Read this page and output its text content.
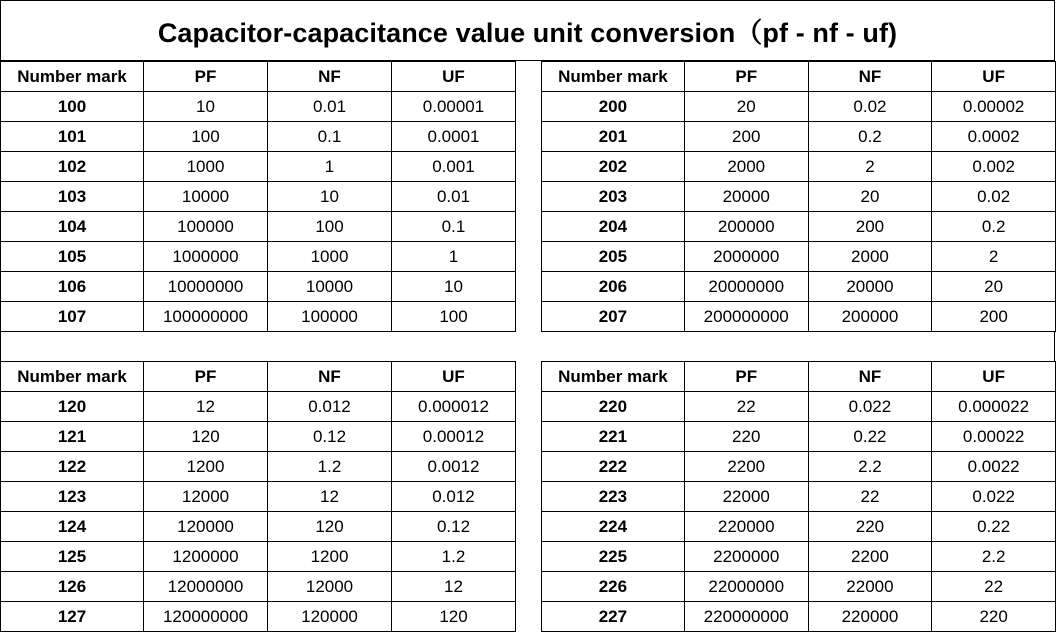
Capacitor-capacitance value unit conversion（pf - nf - uf)
Number mark	PF	NF	UF
100	10	0.01	0.00001
101	100	0.1	0.0001
102	1000	1	0.001
103	10000	10	0.01
104	100000	100	0.1
105	1000000	1000	1
106	10000000	10000	10
107	100000000	100000	100
Number mark	PF	NF	UF
200	20	0.02	0.00002
201	200	0.2	0.0002
202	2000	2	0.002
203	20000	20	0.02
204	200000	200	0.2
205	2000000	2000	2
206	20000000	20000	20
207	200000000	200000	200
Number mark	PF	NF	UF
120	12	0.012	0.000012
121	120	0.12	0.00012
122	1200	1.2	0.0012
123	12000	12	0.012
124	120000	120	0.12
125	1200000	1200	1.2
126	12000000	12000	12
127	120000000	120000	120
Number mark	PF	NF	UF
220	22	0.022	0.000022
221	220	0.22	0.00022
222	2200	2.2	0.0022
223	22000	22	0.022
224	220000	220	0.22
225	2200000	2200	2.2
226	22000000	22000	22
227	220000000	220000	220
